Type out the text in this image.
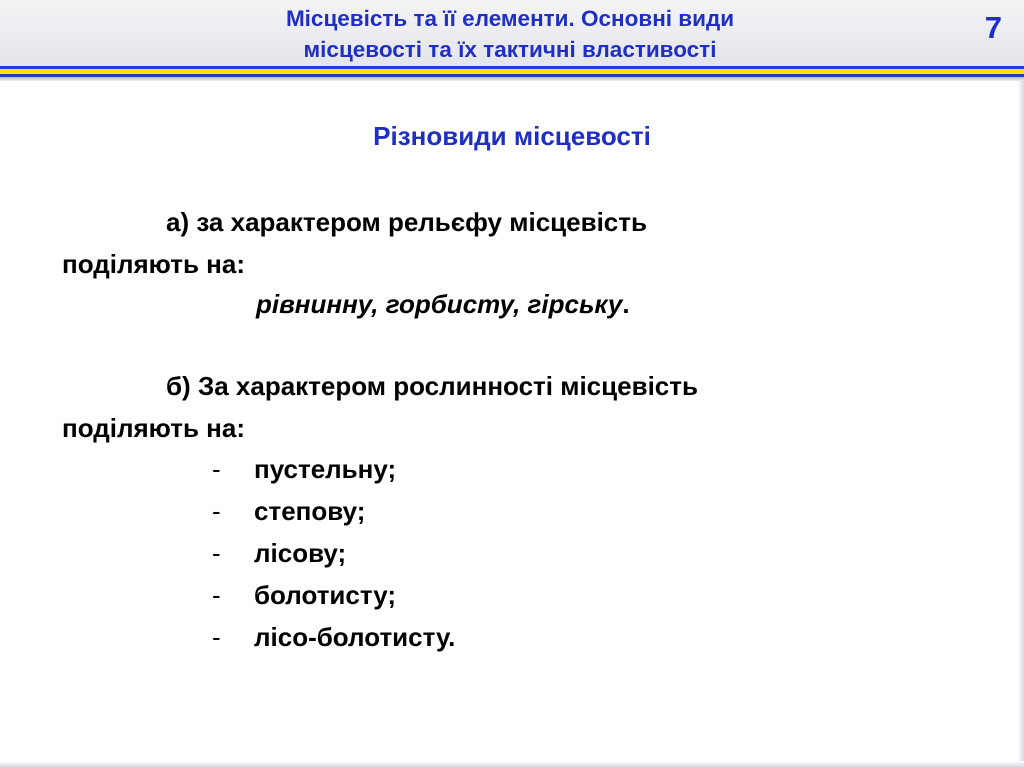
Місцевість та її елементи. Основні види
місцевості та їх тактичні властивості
7
Різновиди місцевості
а) за характером рельєфу місцевість
поділяють на:
рівнинну, горбисту, гірську.
б) За характером рослинності місцевість
поділяють на:
- пустельну;
- степову;
- лісову;
- болотисту;
- лісо-болотисту.
